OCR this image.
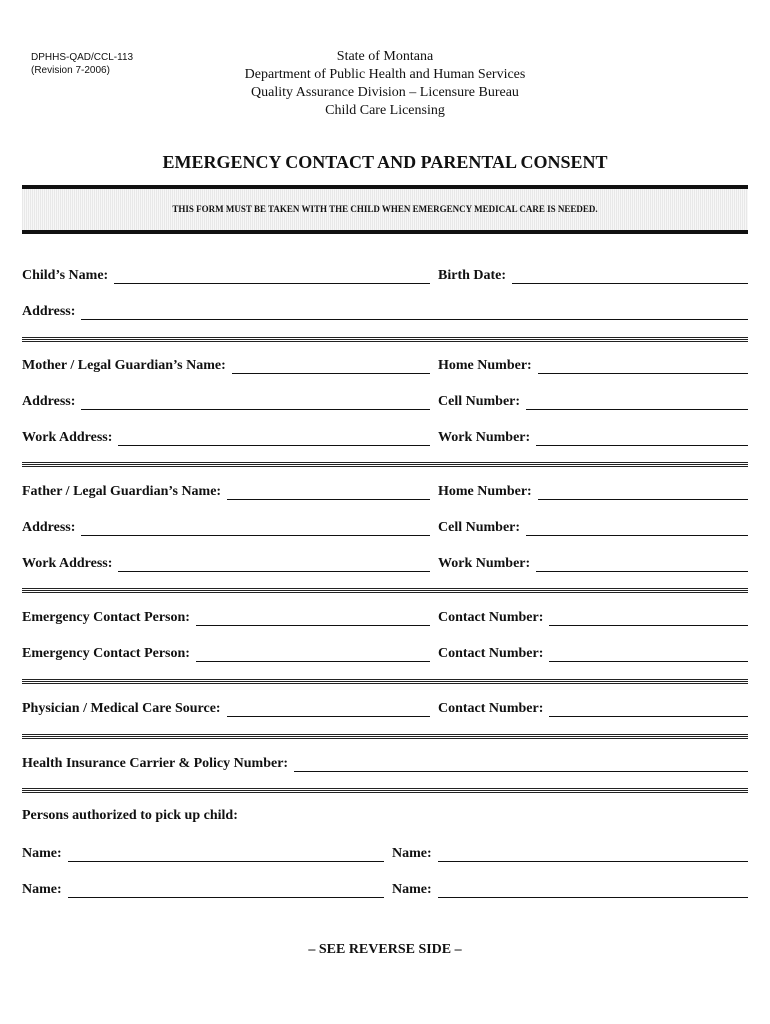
DPHHS-QAD/CCL-113
(Revision 7-2006)
State of Montana
Department of Public Health and Human Services
Quality Assurance Division – Licensure Bureau
Child Care Licensing
EMERGENCY CONTACT AND PARENTAL CONSENT
THIS FORM MUST BE TAKEN WITH THE CHILD WHEN EMERGENCY MEDICAL CARE IS NEEDED.
Child’s Name:	Birth Date:
Address:
Mother / Legal Guardian’s Name:	Home Number:
Address:	Cell Number:
Work Address:	Work Number:
Father / Legal Guardian’s Name:	Home Number:
Address:	Cell Number:
Work Address:	Work Number:
Emergency Contact Person:	Contact Number:
Emergency Contact Person:	Contact Number:
Physician / Medical Care Source:	Contact Number:
Health Insurance Carrier & Policy Number:
Persons authorized to pick up child:
Name:	Name:
Name:	Name:
– SEE REVERSE SIDE –
